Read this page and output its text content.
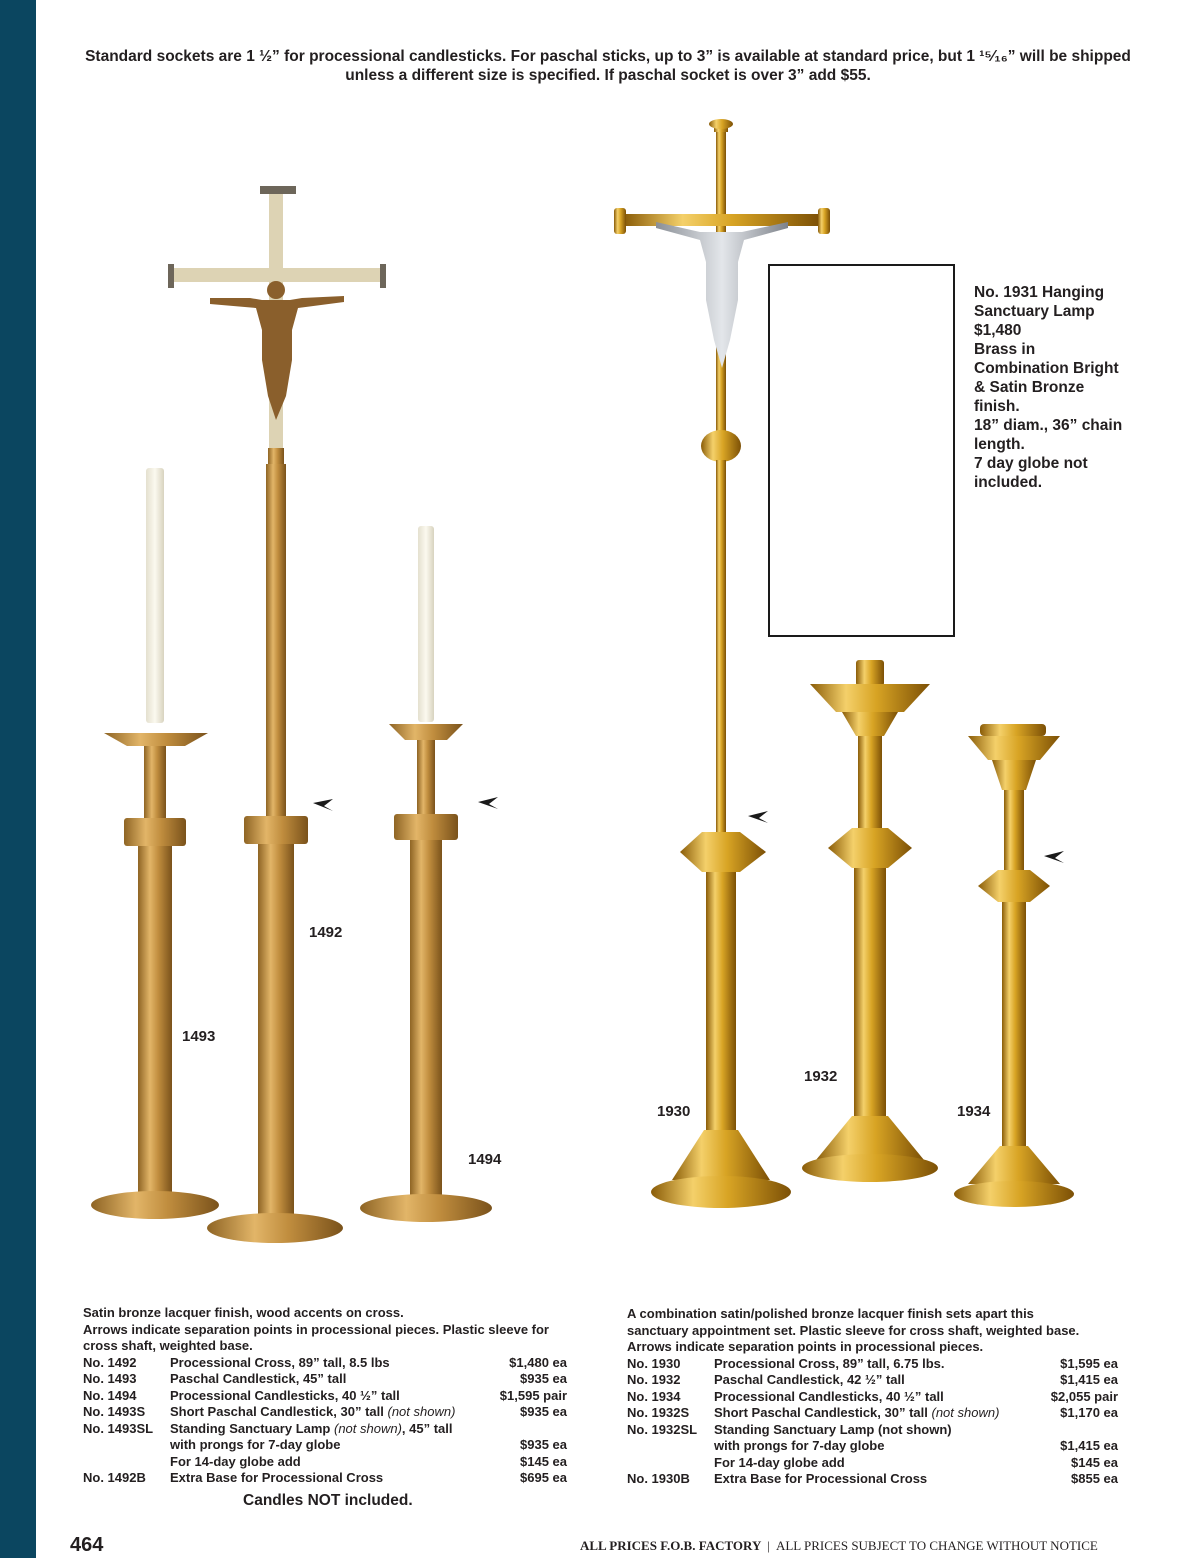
Standard sockets are 1 ½” for processional candlesticks. For paschal sticks, up to 3” is available at standard price, but 1 ¹⁵⁄₁₆” will be shipped
unless a different size is specified. If paschal socket is over 3” add $55.
1492
1493
1494
1930
1932
1934
No. 1931 Hanging
Sanctuary Lamp
$1,480
Brass in
Combination Bright
& Satin Bronze
finish.
18” diam., 36” chain
length.
7 day globe not
included.
Satin bronze lacquer finish, wood accents on cross.
Arrows indicate separation points in processional pieces. Plastic sleeve for
cross shaft, weighted base.
No. 1492	Processional Cross, 89” tall, 8.5 lbs	$1,480 ea
No. 1493	Paschal Candlestick, 45” tall	$935 ea
No. 1494	Processional Candlesticks, 40 ½” tall	$1,595 pair
No. 1493S Short Paschal Candlestick, 30” tall (not shown)	$935 ea
No. 1493SL Standing Sanctuary Lamp (not shown), 45” tall
with prongs for 7-day globe	$935 ea
For 14-day globe add	$145 ea
No. 1492B Extra Base for Processional Cross	$695 ea
Candles NOT included.
A combination satin/polished bronze lacquer finish sets apart this
sanctuary appointment set. Plastic sleeve for cross shaft, weighted base.
Arrows indicate separation points in processional pieces.
No. 1930	Processional Cross, 89” tall, 6.75 lbs.	$1,595 ea
No. 1932	Paschal Candlestick, 42 ½” tall	$1,415 ea
No. 1934	Processional Candlesticks, 40 ½” tall	$2,055 pair
No. 1932S Short Paschal Candlestick, 30” tall (not shown)	$1,170 ea
No. 1932SL Standing Sanctuary Lamp (not shown)
with prongs for 7-day globe	$1,415 ea
For 14-day globe add	$145 ea
No. 1930B Extra Base for Processional Cross	$855 ea
464	ALL PRICES F.O.B. FACTORY | ALL PRICES SUBJECT TO CHANGE WITHOUT NOTICE
